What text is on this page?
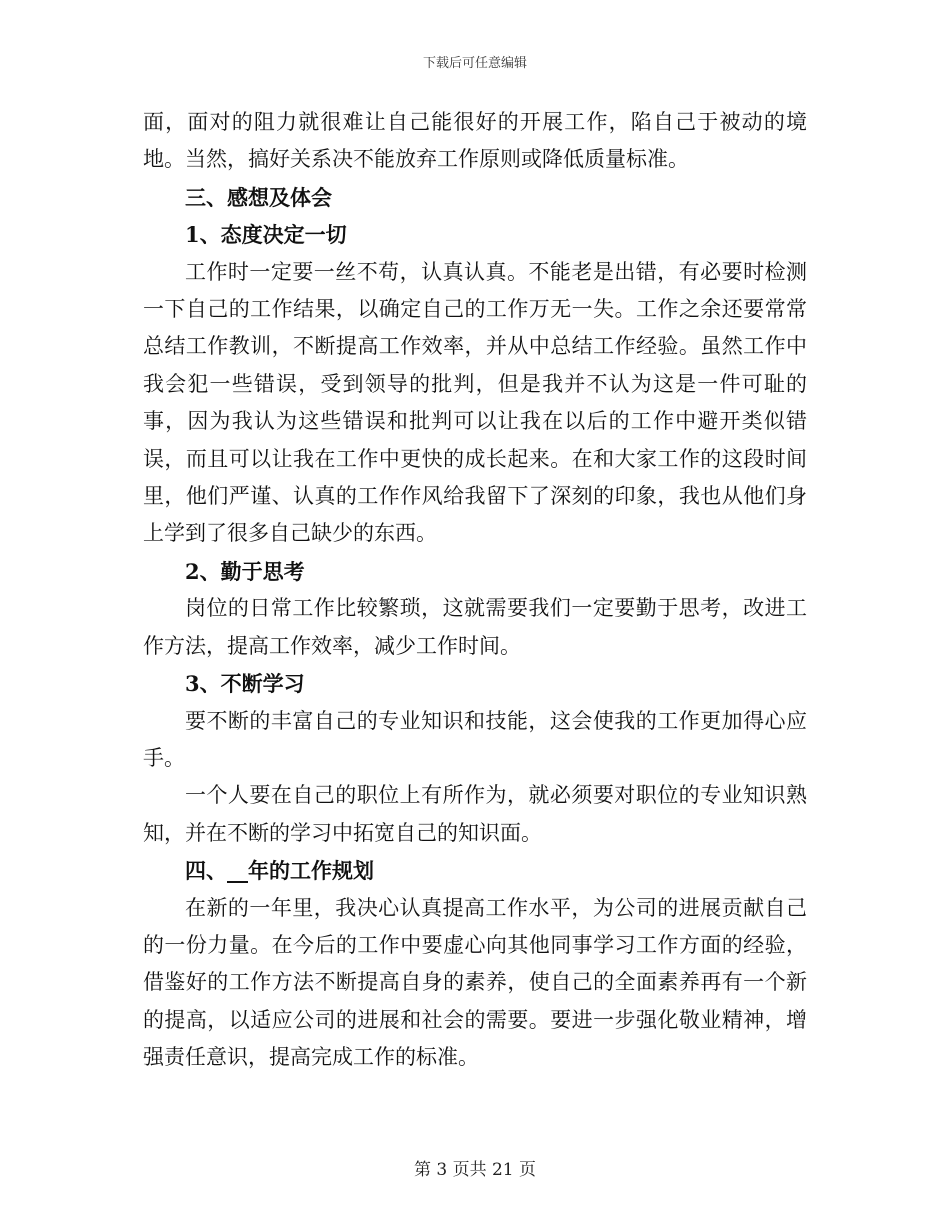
下载后可任意编辑

面，面对的阻力就很难让自己能很好的开展工作，陷自己于被动的境地。当然，搞好关系决不能放弃工作原则或降低质量标准。

三、感想及体会

1、态度决定一切

工作时一定要一丝不苟，认真认真。不能老是出错，有必要时检测一下自己的工作结果，以确定自己的工作万无一失。工作之余还要常常总结工作教训，不断提高工作效率，并从中总结工作经验。虽然工作中我会犯一些错误，受到领导的批判，但是我并不认为这是一件可耻的事，因为我认为这些错误和批判可以让我在以后的工作中避开类似错误，而且可以让我在工作中更快的成长起来。在和大家工作的这段时间里，他们严谨、认真的工作作风给我留下了深刻的印象，我也从他们身上学到了很多自己缺少的东西。

2、勤于思考

岗位的日常工作比较繁琐，这就需要我们一定要勤于思考，改进工作方法，提高工作效率，减少工作时间。

3、不断学习

要不断的丰富自己的专业知识和技能，这会使我的工作更加得心应手。

一个人要在自己的职位上有所作为，就必须要对职位的专业知识熟知，并在不断的学习中拓宽自己的知识面。

四、__年的工作规划

在新的一年里，我决心认真提高工作水平，为公司的进展贡献自己的一份力量。在今后的工作中要虚心向其他同事学习工作方面的经验，借鉴好的工作方法不断提高自身的素养，使自己的全面素养再有一个新的提高，以适应公司的进展和社会的需要。要进一步强化敬业精神，增强责任意识，提高完成工作的标准。

第 3 页共 21 页
